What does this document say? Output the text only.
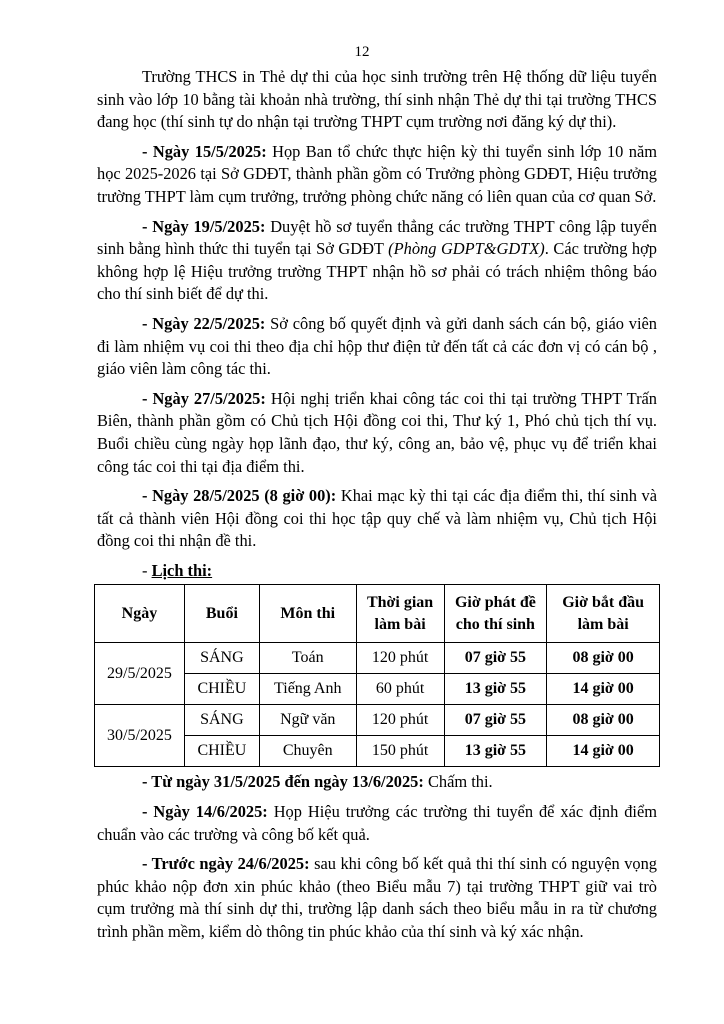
12

Trường THCS in Thẻ dự thi của học sinh trường trên Hệ thống dữ liệu tuyển sinh vào lớp 10 bằng tài khoản nhà trường, thí sinh nhận Thẻ dự thi tại trường THCS đang học (thí sinh tự do nhận tại trường THPT cụm trường nơi đăng ký dự thi).

- Ngày 15/5/2025: Họp Ban tổ chức thực hiện kỳ thi tuyển sinh lớp 10 năm học 2025-2026 tại Sở GDĐT, thành phần gồm có Trưởng phòng GDĐT, Hiệu trưởng trường THPT làm cụm trưởng, trưởng phòng chức năng có liên quan của cơ quan Sở.

- Ngày 19/5/2025: Duyệt hồ sơ tuyển thẳng các trường THPT công lập tuyển sinh bằng hình thức thi tuyển tại Sở GDĐT (Phòng GDPT&GDTX). Các trường hợp không hợp lệ Hiệu trưởng trường THPT nhận hồ sơ phải có trách nhiệm thông báo cho thí sinh biết để dự thi.

- Ngày 22/5/2025: Sở công bố quyết định và gửi danh sách cán bộ, giáo viên đi làm nhiệm vụ coi thi theo địa chỉ hộp thư điện tử đến tất cả các đơn vị có cán bộ , giáo viên làm công tác thi.

- Ngày 27/5/2025: Hội nghị triển khai công tác coi thi tại trường THPT Trấn Biên, thành phần gồm có Chủ tịch Hội đồng coi thi, Thư ký 1, Phó chủ tịch thí vụ. Buổi chiều cùng ngày họp lãnh đạo, thư ký, công an, bảo vệ, phục vụ để triển khai công tác coi thi tại địa điểm thi.

- Ngày 28/5/2025 (8 giờ 00): Khai mạc kỳ thi tại các địa điểm thi, thí sinh và tất cả thành viên Hội đồng coi thi học tập quy chế và làm nhiệm vụ, Chủ tịch Hội đồng coi thi nhận đề thi.

- Lịch thi:

Ngày	Buổi	Môn thi	Thời gian làm bài	Giờ phát đề cho thí sinh	Giờ bắt đầu làm bài
29/5/2025	SÁNG	Toán	120 phút	07 giờ 55	08 giờ 00
	CHIỀU	Tiếng Anh	60 phút	13 giờ 55	14 giờ 00
30/5/2025	SÁNG	Ngữ văn	120 phút	07 giờ 55	08 giờ 00
	CHIỀU	Chuyên	150 phút	13 giờ 55	14 giờ 00

- Từ ngày 31/5/2025 đến ngày 13/6/2025: Chấm thi.

- Ngày 14/6/2025: Họp Hiệu trưởng các trường thi tuyển để xác định điểm chuẩn vào các trường và công bố kết quả.

- Trước ngày 24/6/2025: sau khi công bố kết quả thi thí sinh có nguyện vọng phúc khảo nộp đơn xin phúc khảo (theo Biểu mẫu 7) tại trường THPT giữ vai trò cụm trưởng mà thí sinh dự thi, trường lập danh sách theo biểu mẫu in ra từ chương trình phần mềm, kiểm dò thông tin phúc khảo của thí sinh và ký xác nhận.
